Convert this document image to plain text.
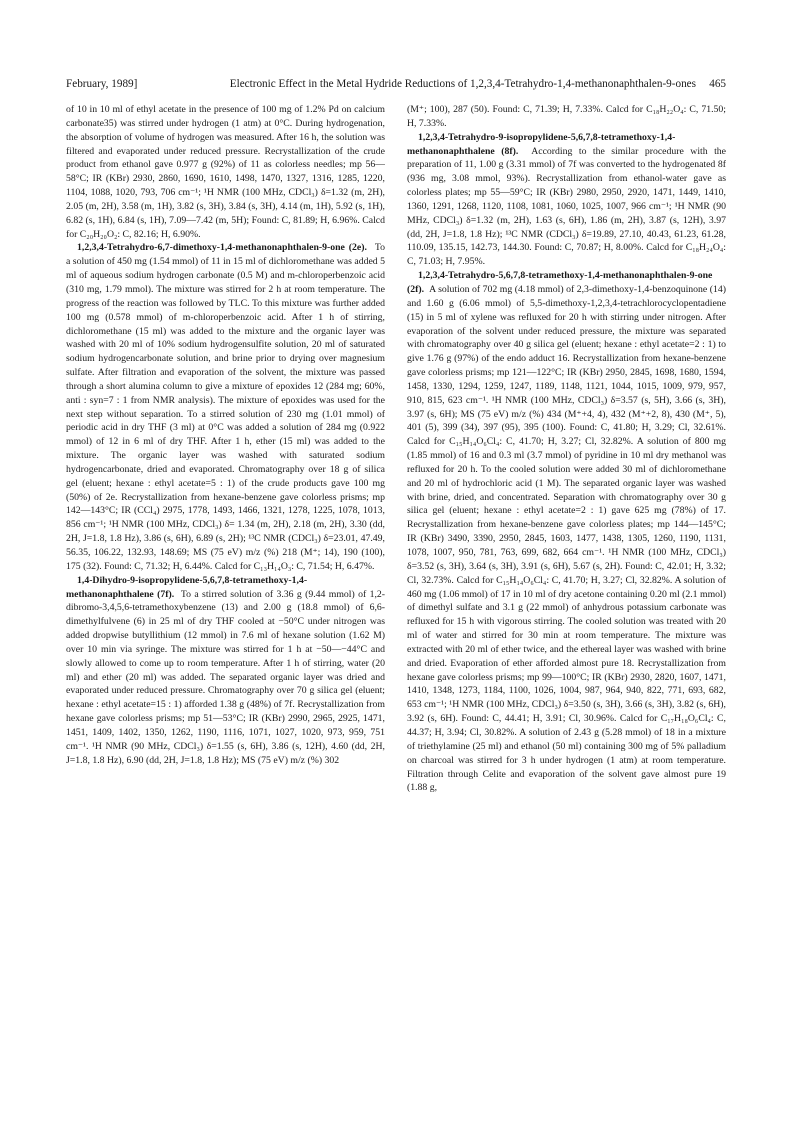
February, 1989]	Electronic Effect in the Metal Hydride Reductions of 1,2,3,4-Tetrahydro-1,4-methanonaphthalen-9-ones 465

of 10 in 10 ml of ethyl acetate in the presence of 100 mg of 1.2% Pd on calcium carbonate35) was stirred under hydrogen (1 atm) at 0°C. During hydrogenation, the absorption of volume of hydrogen was measured. After 16 h, the solution was filtered and evaporated under reduced pressure. Recrystallization of the crude product from ethanol gave 0.977 g (92%) of 11 as colorless needles; mp 56—58°C; IR (KBr) 2930, 2860, 1690, 1610, 1498, 1470, 1327, 1316, 1285, 1220, 1104, 1088, 1020, 793, 706 cm⁻¹; ¹H NMR (100 MHz, CDCl₃) δ=1.32 (m, 2H), 2.05 (m, 2H), 3.58 (m, 1H), 3.82 (s, 3H), 3.84 (s, 3H), 4.14 (m, 1H), 5.92 (s, 1H), 6.82 (s, 1H), 6.84 (s, 1H), 7.09—7.42 (m, 5H); Found: C, 81.89; H, 6.96%. Calcd for C₂₀H₂₀O₂: C, 82.16; H, 6.90%.

1,2,3,4-Tetrahydro-6,7-dimethoxy-1,4-methanonaphthalen-9-one (2e). To a solution of 450 mg (1.54 mmol) of 11 in 15 ml of dichloromethane was added 5 ml of aqueous sodium hydrogen carbonate (0.5 M) and m-chloroperbenzoic acid (310 mg, 1.79 mmol). The mixture was stirred for 2 h at room temperature. The progress of the reaction was followed by TLC. To this mixture was further added 100 mg (0.578 mmol) of m-chloroperbenzoic acid. After 1 h of stirring, dichloromethane (15 ml) was added to the mixture and the organic layer was washed with 20 ml of 10% sodium hydrogensulfite solution, 20 ml of saturated sodium hydrogencarbonate solution, and brine prior to drying over magnesium sulfate. After filtration and evaporation of the solvent, the mixture was passed through a short alumina column to give a mixture of epoxides 12 (284 mg; 60%, anti : syn=7 : 1 from NMR analysis). The mixture of epoxides was used for the next step without separation. To a stirred solution of 230 mg (1.01 mmol) of periodic acid in dry THF (3 ml) at 0°C was added a solution of 284 mg (0.922 mmol) of 12 in 6 ml of dry THF. After 1 h, ether (15 ml) was added to the mixture. The organic layer was washed with saturated sodium hydrogencarbonate, dried and evaporated. Chromatography over 18 g of silica gel (eluent; hexane : ethyl acetate=5 : 1) of the crude products gave 100 mg (50%) of 2e. Recrystallization from hexane-benzene gave colorless prisms; mp 142—143°C; IR (CCl₄) 2975, 1778, 1493, 1466, 1321, 1278, 1225, 1078, 1013, 856 cm⁻¹; ¹H NMR (100 MHz, CDCl₃) δ= 1.34 (m, 2H), 2.18 (m, 2H), 3.30 (dd, 2H, J=1.8, 1.8 Hz), 3.86 (s, 6H), 6.89 (s, 2H); ¹³C NMR (CDCl₃) δ=23.01, 47.49, 56.35, 106.22, 132.93, 148.69; MS (75 eV) m/z (%) 218 (M⁺; 14), 190 (100), 175 (32). Found: C, 71.32; H, 6.44%. Calcd for C₁₃H₁₄O₃: C, 71.54; H, 6.47%.

1,4-Dihydro-9-isopropylidene-5,6,7,8-tetramethoxy-1,4-methanonaphthalene (7f). To a stirred solution of 3.36 g (9.44 mmol) of 1,2-dibromo-3,4,5,6-tetramethoxybenzene (13) and 2.00 g (18.8 mmol) of 6,6-dimethylfulvene (6) in 25 ml of dry THF cooled at −50°C under nitrogen was added dropwise butyllithium (12 mmol) in 7.6 ml of hexane solution (1.62 M) over 10 min via syringe. The mixture was stirred for 1 h at −50—−44°C and slowly allowed to come up to room temperature. After 1 h of stirring, water (20 ml) and ether (20 ml) was added. The separated organic layer was dried and evaporated under reduced pressure. Chromatography over 70 g silica gel (eluent; hexane : ethyl acetate=15 : 1) afforded 1.38 g (48%) of 7f. Recrystallization from hexane gave colorless prisms; mp 51—53°C; IR (KBr) 2990, 2965, 2925, 1471, 1451, 1409, 1402, 1350, 1262, 1190, 1116, 1071, 1027, 1020, 973, 959, 751 cm⁻¹. ¹H NMR (90 MHz, CDCl₃) δ=1.55 (s, 6H), 3.86 (s, 12H), 4.60 (dd, 2H, J=1.8, 1.8 Hz), 6.90 (dd, 2H, J=1.8, 1.8 Hz); MS (75 eV) m/z (%) 302

(M⁺; 100), 287 (50). Found: C, 71.39; H, 7.33%. Calcd for C₁₈H₂₂O₄: C, 71.50; H, 7.33%.

1,2,3,4-Tetrahydro-9-isopropylidene-5,6,7,8-tetramethoxy-1,4-methanonaphthalene (8f). According to the similar procedure with the preparation of 11, 1.00 g (3.31 mmol) of 7f was converted to the hydrogenated 8f (936 mg, 3.08 mmol, 93%). Recrystallization from ethanol-water gave as colorless plates; mp 55—59°C; IR (KBr) 2980, 2950, 2920, 1471, 1449, 1410, 1360, 1291, 1268, 1120, 1108, 1081, 1060, 1025, 1007, 966 cm⁻¹; ¹H NMR (90 MHz, CDCl₃) δ=1.32 (m, 2H), 1.63 (s, 6H), 1.86 (m, 2H), 3.87 (s, 12H), 3.97 (dd, 2H, J=1.8, 1.8 Hz); ¹³C NMR (CDCl₃) δ=19.89, 27.10, 40.43, 61.23, 61.28, 110.09, 135.15, 142.73, 144.30. Found: C, 70.87; H, 8.00%. Calcd for C₁₈H₂₄O₄: C, 71.03; H, 7.95%.

1,2,3,4-Tetrahydro-5,6,7,8-tetramethoxy-1,4-methanonaphthalen-9-one (2f). A solution of 702 mg (4.18 mmol) of 2,3-dimethoxy-1,4-benzoquinone (14) and 1.60 g (6.06 mmol) of 5,5-dimethoxy-1,2,3,4-tetrachlorocyclopentadiene (15) in 5 ml of xylene was refluxed for 20 h with stirring under nitrogen. After evaporation of the solvent under reduced pressure, the mixture was separated with chromatography over 40 g silica gel (eluent; hexane : ethyl acetate=2 : 1) to give 1.76 g (97%) of the endo adduct 16. Recrystallization from hexane-benzene gave colorless prisms; mp 121—122°C; IR (KBr) 2950, 2845, 1698, 1680, 1594, 1458, 1330, 1294, 1259, 1247, 1189, 1148, 1121, 1044, 1015, 1009, 979, 957, 910, 815, 623 cm⁻¹. ¹H NMR (100 MHz, CDCl₃) δ=3.57 (s, 5H), 3.66 (s, 3H), 3.97 (s, 6H); MS (75 eV) m/z (%) 434 (M⁺+4, 4), 432 (M⁺+2, 8), 430 (M⁺, 5), 401 (5), 399 (34), 397 (95), 395 (100). Found: C, 41.80; H, 3.29; Cl, 32.61%. Calcd for C₁₅H₁₄O₆Cl₄: C, 41.70; H, 3.27; Cl, 32.82%. A solution of 800 mg (1.85 mmol) of 16 and 0.3 ml (3.7 mmol) of pyridine in 10 ml dry methanol was refluxed for 20 h. To the cooled solution were added 30 ml of dichloromethane and 20 ml of hydrochloric acid (1 M). The separated organic layer was washed with brine, dried, and concentrated. Separation with chromatography over 30 g silica gel (eluent; hexane : ethyl acetate=2 : 1) gave 625 mg (78%) of 17. Recrystallization from hexane-benzene gave colorless plates; mp 144—145°C; IR (KBr) 3490, 3390, 2950, 2845, 1603, 1477, 1438, 1305, 1260, 1190, 1131, 1078, 1007, 950, 781, 763, 699, 682, 664 cm⁻¹. ¹H NMR (100 MHz, CDCl₃) δ=3.52 (s, 3H), 3.64 (s, 3H), 3.91 (s, 6H), 5.67 (s, 2H). Found: C, 42.01; H, 3.32; Cl, 32.73%. Calcd for C₁₅H₁₄O₆Cl₄: C, 41.70; H, 3.27; Cl, 32.82%. A solution of 460 mg (1.06 mmol) of 17 in 10 ml of dry acetone containing 0.20 ml (2.1 mmol) of dimethyl sulfate and 3.1 g (22 mmol) of anhydrous potassium carbonate was refluxed for 15 h with vigorous stirring. The cooled solution was treated with 20 ml of water and stirred for 30 min at room temperature. The mixture was extracted with 20 ml of ether twice, and the ethereal layer was washed with brine and dried. Evaporation of ether afforded almost pure 18. Recrystallization from hexane gave colorless prisms; mp 99—100°C; IR (KBr) 2930, 2820, 1607, 1471, 1410, 1348, 1273, 1184, 1100, 1026, 1004, 987, 964, 940, 822, 771, 693, 682, 653 cm⁻¹; ¹H NMR (100 MHz, CDCl₃) δ=3.50 (s, 3H), 3.66 (s, 3H), 3.82 (s, 6H), 3.92 (s, 6H). Found: C, 44.41; H, 3.91; Cl, 30.96%. Calcd for C₁₇H₁₈O₆Cl₄: C, 44.37; H, 3.94; Cl, 30.82%. A solution of 2.43 g (5.28 mmol) of 18 in a mixture of triethylamine (25 ml) and ethanol (50 ml) containing 300 mg of 5% palladium on charcoal was stirred for 3 h under hydrogen (1 atm) at room temperature. Filtration through Celite and evaporation of the solvent gave almost pure 19 (1.88 g,
